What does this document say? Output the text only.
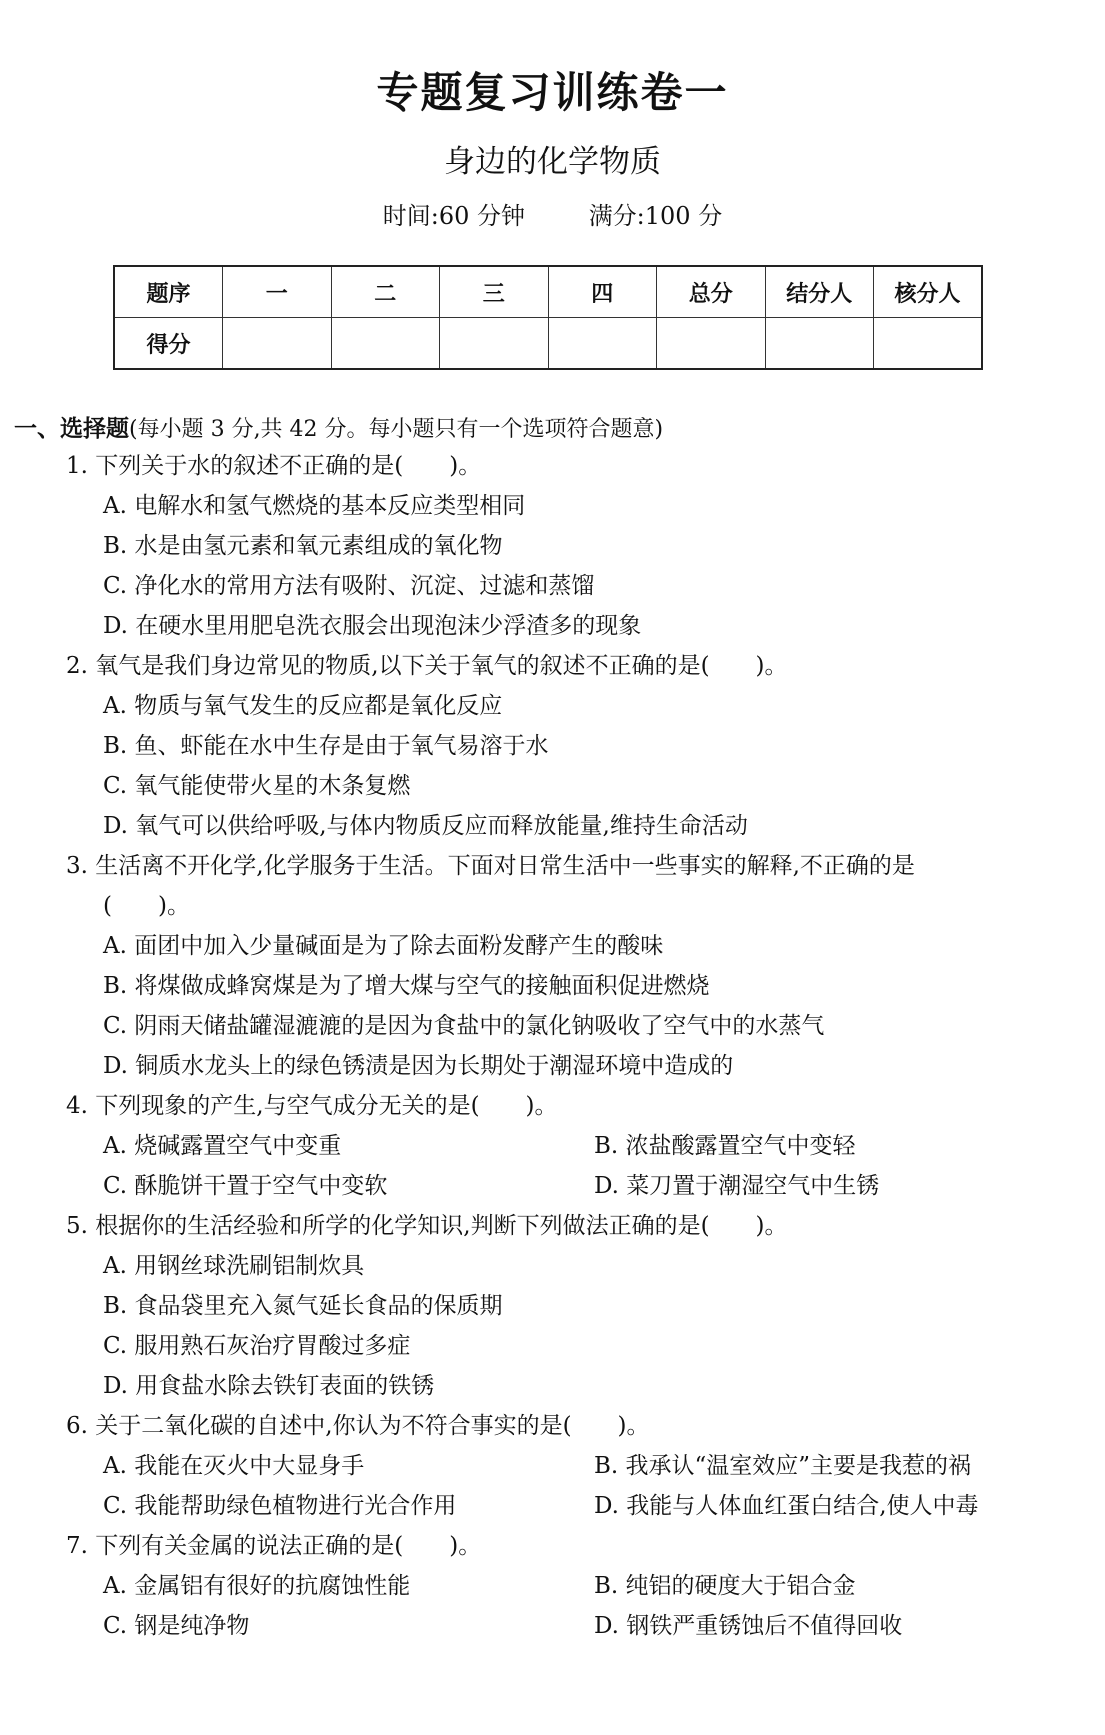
专题复习训练卷一
身边的化学物质
时间:60 分钟	满分:100 分
题序	一	二	三	四	总分	结分人	核分人
得分							
一、选择题(每小题 3 分,共 42 分。每小题只有一个选项符合题意)
1. 下列关于水的叙述不正确的是(　　)。
A. 电解水和氢气燃烧的基本反应类型相同
B. 水是由氢元素和氧元素组成的氧化物
C. 净化水的常用方法有吸附、沉淀、过滤和蒸馏
D. 在硬水里用肥皂洗衣服会出现泡沫少浮渣多的现象
2. 氧气是我们身边常见的物质,以下关于氧气的叙述不正确的是(　　)。
A. 物质与氧气发生的反应都是氧化反应
B. 鱼、虾能在水中生存是由于氧气易溶于水
C. 氧气能使带火星的木条复燃
D. 氧气可以供给呼吸,与体内物质反应而释放能量,维持生命活动
3. 生活离不开化学,化学服务于生活。下面对日常生活中一些事实的解释,不正确的是
(　　)。
A. 面团中加入少量碱面是为了除去面粉发酵产生的酸味
B. 将煤做成蜂窝煤是为了增大煤与空气的接触面积促进燃烧
C. 阴雨天储盐罐湿漉漉的是因为食盐中的氯化钠吸收了空气中的水蒸气
D. 铜质水龙头上的绿色锈渍是因为长期处于潮湿环境中造成的
4. 下列现象的产生,与空气成分无关的是(　　)。
A. 烧碱露置空气中变重	B. 浓盐酸露置空气中变轻
C. 酥脆饼干置于空气中变软	D. 菜刀置于潮湿空气中生锈
5. 根据你的生活经验和所学的化学知识,判断下列做法正确的是(　　)。
A. 用钢丝球洗刷铝制炊具
B. 食品袋里充入氮气延长食品的保质期
C. 服用熟石灰治疗胃酸过多症
D. 用食盐水除去铁钉表面的铁锈
6. 关于二氧化碳的自述中,你认为不符合事实的是(　　)。
A. 我能在灭火中大显身手	B. 我承认“温室效应”主要是我惹的祸
C. 我能帮助绿色植物进行光合作用	D. 我能与人体血红蛋白结合,使人中毒
7. 下列有关金属的说法正确的是(　　)。
A. 金属铝有很好的抗腐蚀性能	B. 纯铝的硬度大于铝合金
C. 钢是纯净物	D. 钢铁严重锈蚀后不值得回收
